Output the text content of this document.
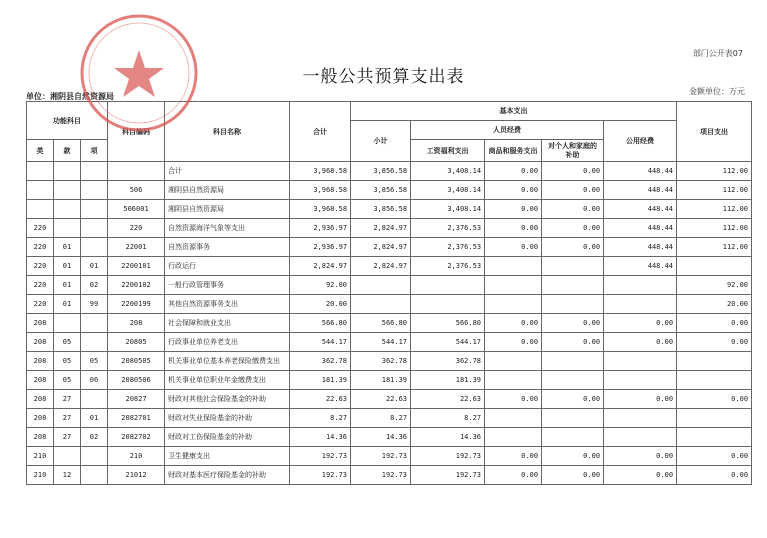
部门公开表07
一般公共预算支出表
单位：湘阴县自然资源局
金额单位：万元
功能科目			科目编码	科目名称	合计	基本支出					项目支出
						小计	人员经费			公用经费	
类	款	项					工资福利支出	商品和服务支出	对个人和家庭的补助		
				合计	3,968.58	3,856.58	3,408.14	0.00	0.00	448.44	112.00
			506	湘阴县自然资源局	3,968.58	3,856.58	3,408.14	0.00	0.00	448.44	112.00
			506001	湘阴县自然资源局	3,968.58	3,856.58	3,408.14	0.00	0.00	448.44	112.00
220			220	自然资源海洋气象等支出	2,936.97	2,824.97	2,376.53	0.00	0.00	448.44	112.00
220	01		22001	自然资源事务	2,936.97	2,824.97	2,376.53	0.00	0.00	448.44	112.00
220	01	01	2200101	行政运行	2,824.97	2,824.97	2,376.53			448.44	
220	01	02	2200102	一般行政管理事务	92.00						92.00
220	01	99	2200199	其他自然资源事务支出	20.00						20.00
208			208	社会保障和就业支出	566.80	566.80	566.80	0.00	0.00	0.00	0.00
208	05		20805	行政事业单位养老支出	544.17	544.17	544.17	0.00	0.00	0.00	0.00
208	05	05	2080505	机关事业单位基本养老保险缴费支出	362.78	362.78	362.78				
208	05	06	2080506	机关事业单位职业年金缴费支出	181.39	181.39	181.39				
208	27		20827	财政对其他社会保险基金的补助	22.63	22.63	22.63	0.00	0.00	0.00	0.00
208	27	01	2082701	财政对失业保险基金的补助	8.27	8.27	8.27				
208	27	02	2082702	财政对工伤保险基金的补助	14.36	14.36	14.36				
210			210	卫生健康支出	192.73	192.73	192.73	0.00	0.00	0.00	0.00
210	12		21012	财政对基本医疗保险基金的补助	192.73	192.73	192.73	0.00	0.00	0.00	0.00
